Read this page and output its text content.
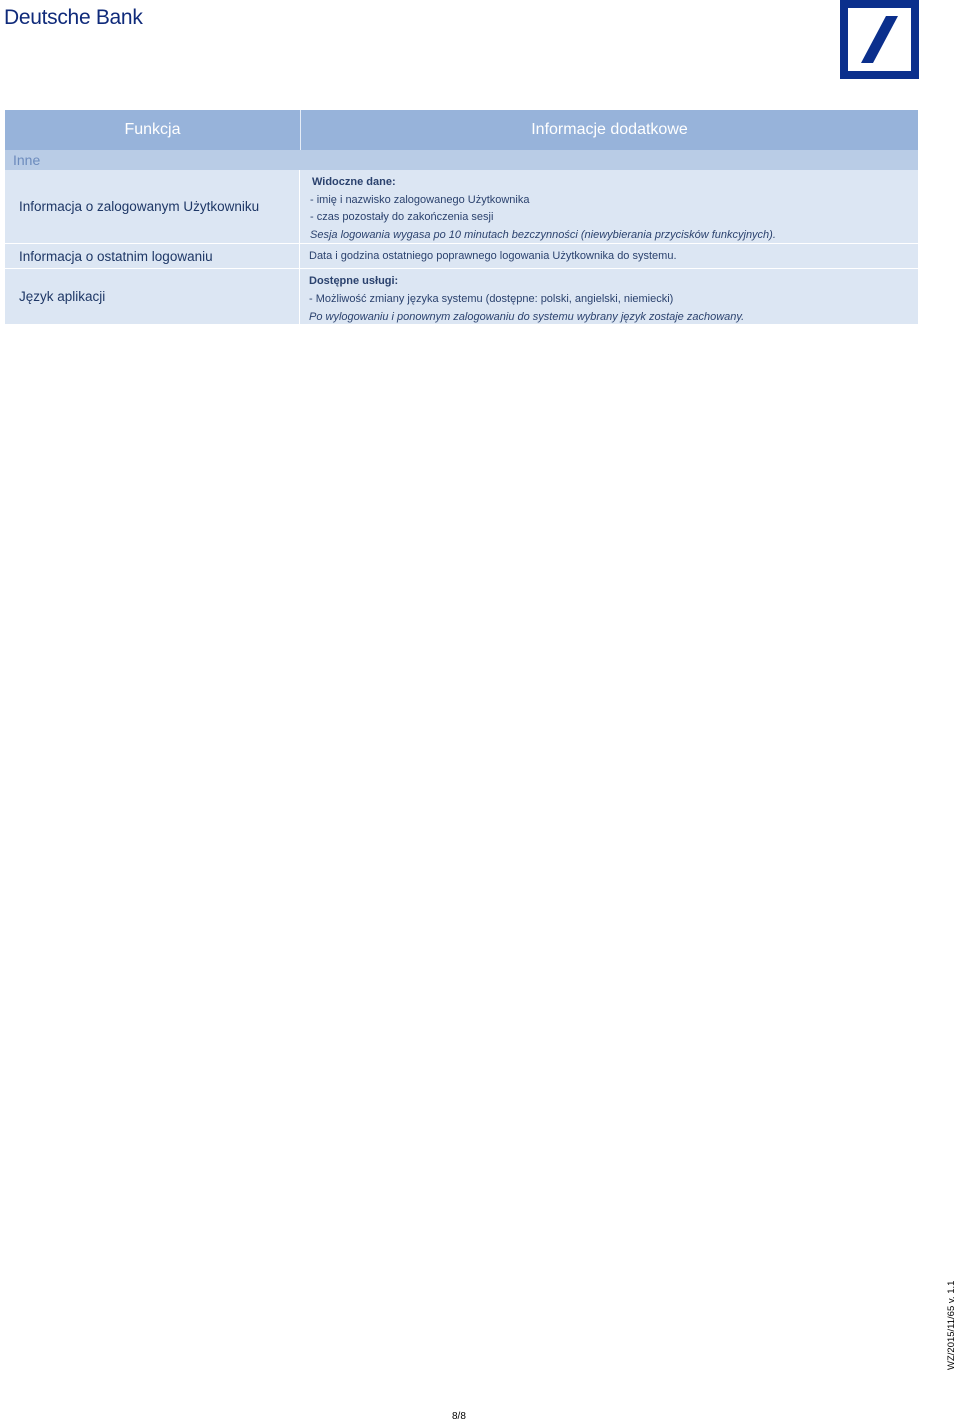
Deutsche Bank
Funkcja	Informacje dodatkowe
Inne
Informacja o zalogowanym Użytkowniku
Widoczne dane:
- imię i nazwisko zalogowanego Użytkownika
- czas pozostały do zakończenia sesji
Sesja logowania wygasa po 10 minutach bezczynności (niewybierania przycisków funkcyjnych).
Informacja o ostatnim logowaniu	Data i godzina ostatniego poprawnego logowania Użytkownika do systemu.
Język aplikacji
Dostępne usługi:
- Możliwość zmiany języka systemu (dostępne: polski, angielski, niemiecki)
Po wylogowaniu i ponownym zalogowaniu do systemu wybrany język zostaje zachowany.
8/8
WZ/2015/11/65 v. 1.1
